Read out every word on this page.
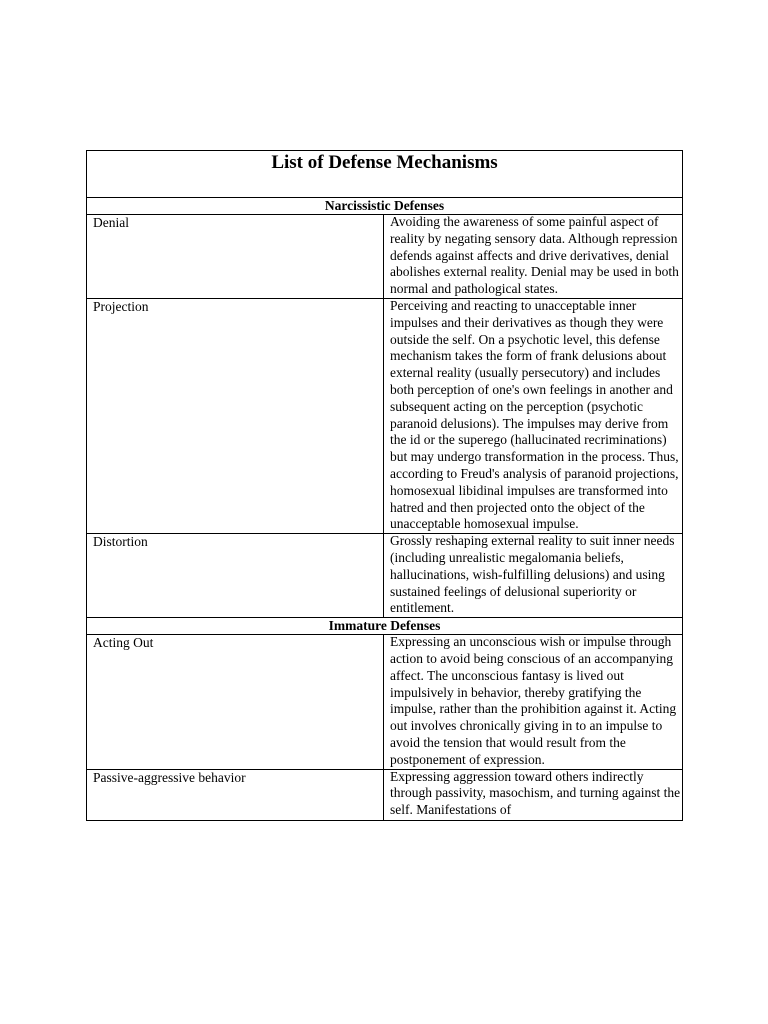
List of Defense Mechanisms	

Narcissistic Defenses	
Denial	Avoiding the awareness of some painful aspect of reality by negating sensory data. Although repression defends against affects and drive derivatives, denial abolishes external reality. Denial may be used in both normal and pathological states.

Projection	Perceiving and reacting to unacceptable inner impulses and their derivatives as though they were outside the self. On a psychotic level, this defense mechanism takes the form of frank delusions about external reality (usually persecutory) and includes both perception of one's own feelings in another and subsequent acting on the perception (psychotic paranoid delusions). The impulses may derive from the id or the superego (hallucinated recriminations) but may undergo transformation in the process. Thus, according to Freud's analysis of paranoid projections, homosexual libidinal impulses are transformed into hatred and then projected onto the object of the unacceptable homosexual impulse.

Distortion	Grossly reshaping external reality to suit inner needs (including unrealistic megalomania beliefs, hallucinations, wish-fulfilling delusions) and using sustained feelings of delusional superiority or entitlement.

Immature Defenses	
Acting Out	Expressing an unconscious wish or impulse through action to avoid being conscious of an accompanying affect. The unconscious fantasy is lived out impulsively in behavior, thereby gratifying the impulse, rather than the prohibition against it. Acting out involves chronically giving in to an impulse to avoid the tension that would result from the postponement of expression.

Passive-aggressive behavior	Expressing aggression toward others indirectly through passivity, masochism, and turning against the self. Manifestations of
